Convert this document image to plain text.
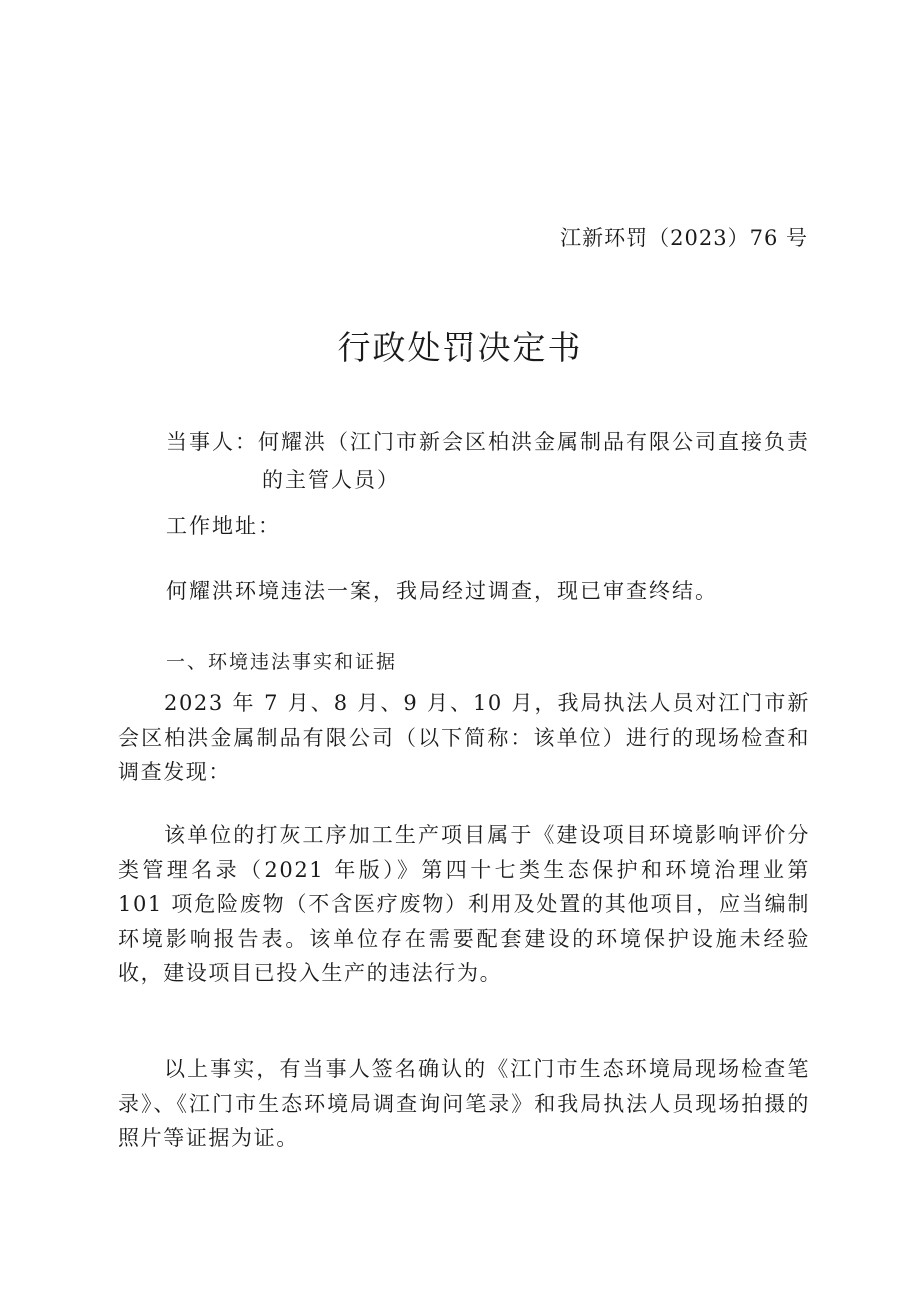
江新环罚（2023）76 号
行政处罚决定书
当事人：何耀洪（江门市新会区柏洪金属制品有限公司直接负责
的主管人员）
工作地址：
何耀洪环境违法一案，我局经过调查，现已审查终结。
一、环境违法事实和证据

2023 年 7 月、8 月、9 月、10 月，我局执法人员对江门市新会区柏洪金属制品有限公司（以下简称：该单位）进行的现场检查和调查发现：

该单位的打灰工序加工生产项目属于《建设项目环境影响评价分类管理名录（2021 年版）》第四十七类生态保护和环境治理业第 101 项危险废物（不含医疗废物）利用及处置的其他项目，应当编制环境影响报告表。该单位存在需要配套建设的环境保护设施未经验收，建设项目已投入生产的违法行为。

以上事实，有当事人签名确认的《江门市生态环境局现场检查笔录》、《江门市生态环境局调查询问笔录》和我局执法人员现场拍摄的照片等证据为证。
